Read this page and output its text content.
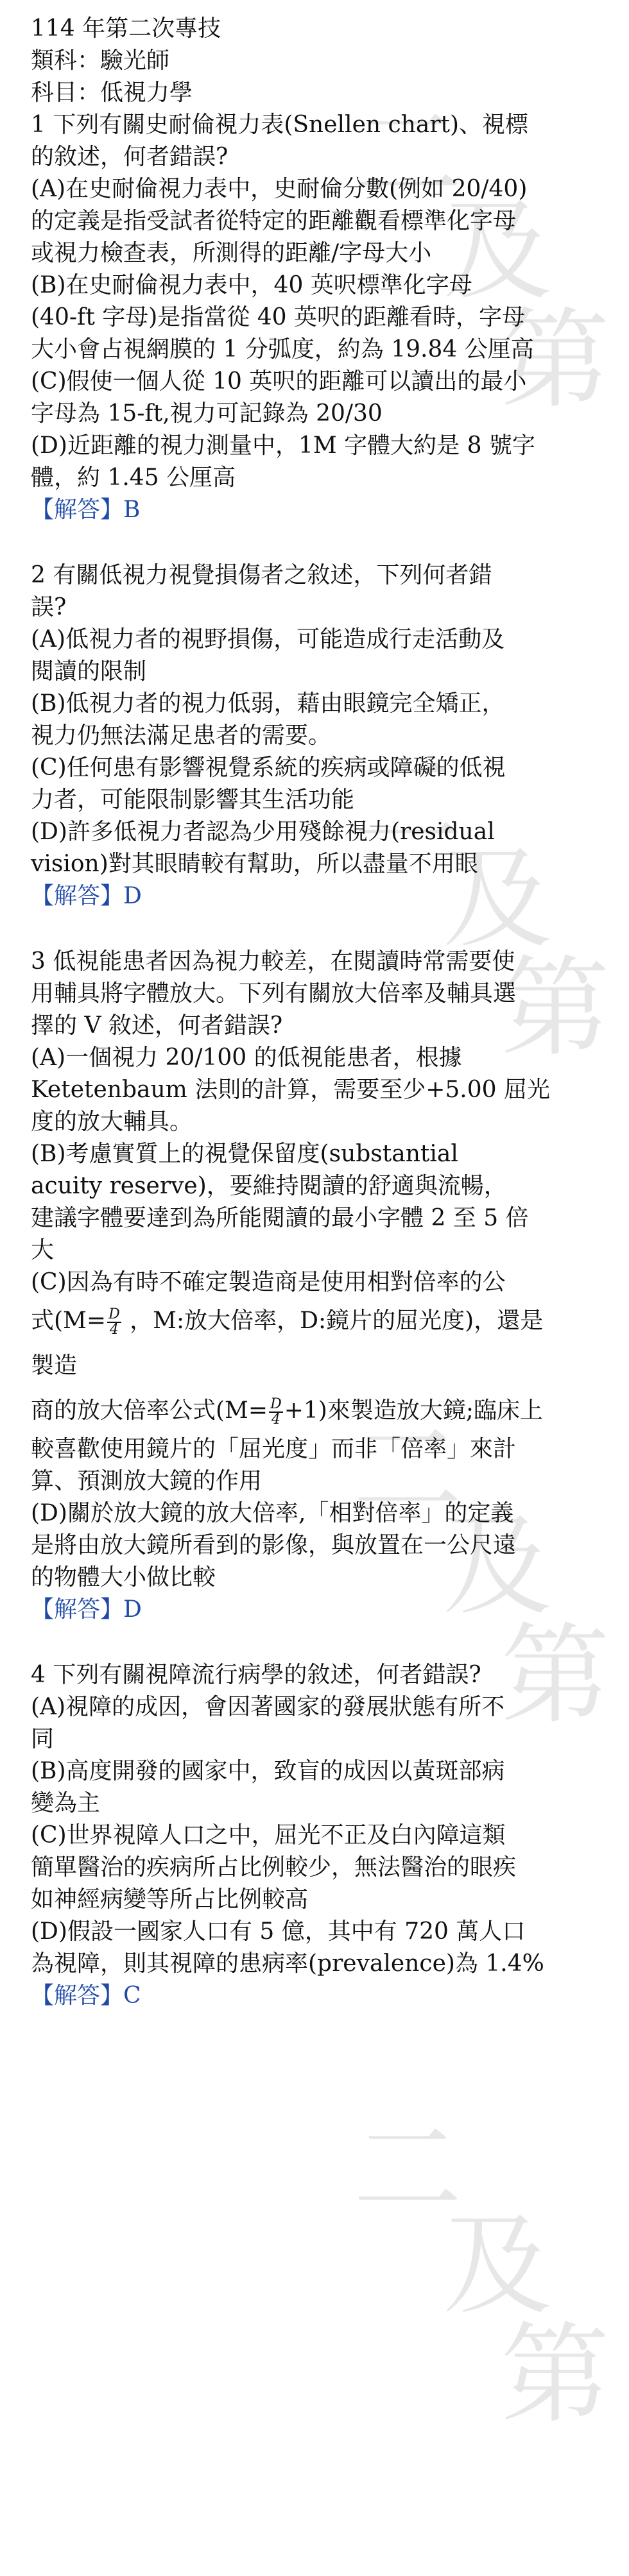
二
及
第
二
及
第
二
及
第
二
及
第
114 年第二次專技
類科：驗光師
科目：低視力學
1 下列有關史耐倫視力表(Snellen chart)、視標
的敘述，何者錯誤?
(A)在史耐倫視力表中，史耐倫分數(例如 20/40)
的定義是指受試者從特定的距離觀看標準化字母
或視力檢查表，所測得的距離/字母大小
(B)在史耐倫視力表中，40 英呎標準化字母
(40-ft 字母)是指當從 40 英呎的距離看時，字母
大小會占視網膜的 1 分弧度，約為 19.84 公厘高
(C)假使一個人從 10 英呎的距離可以讀出的最小
字母為 15-ft,視力可記錄為 20/30
(D)近距離的視力測量中，1M 字體大約是 8 號字
體，約 1.45 公厘高
【解答】B
2 有關低視力視覺損傷者之敘述，下列何者錯
誤?
(A)低視力者的視野損傷，可能造成行走活動及
閱讀的限制
(B)低視力者的視力低弱，藉由眼鏡完全矯正，
視力仍無法滿足患者的需要。
(C)任何患有影響視覺系統的疾病或障礙的低視
力者，可能限制影響其生活功能
(D)許多低視力者認為少用殘餘視力(residual
vision)對其眼睛較有幫助，所以盡量不用眼
【解答】D
3 低視能患者因為視力較差，在閱讀時常需要使
用輔具將字體放大。下列有關放大倍率及輔具選
擇的 V 敘述，何者錯誤?
(A)一個視力 20/100 的低視能患者，根據
Ketetenbaum 法則的計算，需要至少+5.00 屈光
度的放大輔具。
(B)考慮實質上的視覺保留度(substantial
acuity reserve)，要維持閱讀的舒適與流暢，
建議字體要達到為所能閱讀的最小字體 2 至 5 倍
大
(C)因為有時不確定製造商是使用相對倍率的公
式($M= \frac{D}{4}$ ，M:放大倍率，D:鏡片的屈光度)，還是
製造
商的放大倍率公式$(M= \frac{D}{4} +1)$來製造放大鏡;臨床上
較喜歡使用鏡片的「屈光度」而非「倍率」來計
算、預測放大鏡的作用
(D)關於放大鏡的放大倍率,「相對倍率」的定義
是將由放大鏡所看到的影像，與放置在一公尺遠
的物體大小做比較
【解答】D
4 下列有關視障流行病學的敘述，何者錯誤?
(A)視障的成因，會因著國家的發展狀態有所不
同
(B)高度開發的國家中，致盲的成因以黃斑部病
變為主
(C)世界視障人口之中，屈光不正及白內障這類
簡單醫治的疾病所占比例較少，無法醫治的眼疾
如神經病變等所占比例較高
(D)假設一國家人口有 5 億，其中有 720 萬人口
為視障，則其視障的患病率(prevalence)為 1.4%
【解答】C
